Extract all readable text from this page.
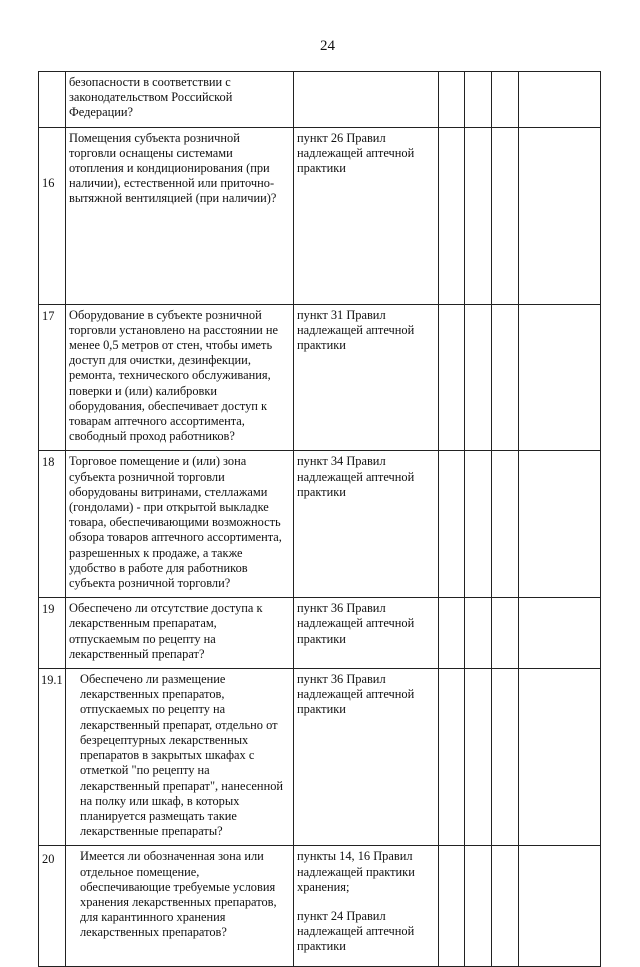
24

	безопасности в соответствии с законодательством Российской Федерации?					

16	Помещения субъекта розничной торговли оснащены системами отопления и кондиционирования (при наличии), естественной или приточно-вытяжной вентиляцией (при наличии)?	пункт 26 Правил надлежащей аптечной практики				

17	Оборудование в субъекте розничной торговли установлено на расстоянии не менее 0,5 метров от стен, чтобы иметь доступ для очистки, дезинфекции, ремонта, технического обслуживания, поверки и (или) калибровки оборудования, обеспечивает доступ к товарам аптечного ассортимента, свободный проход работников?	пункт 31 Правил надлежащей аптечной практики				

18	Торговое помещение и (или) зона субъекта розничной торговли оборудованы витринами, стеллажами (гондолами) - при открытой выкладке товара, обеспечивающими возможность обзора товаров аптечного ассортимента, разрешенных к продаже, а также удобство в работе для работников субъекта розничной торговли?	пункт 34 Правил надлежащей аптечной практики				

19	Обеспечено ли отсутствие доступа к лекарственным препаратам, отпускаемым по рецепту на лекарственный препарат?	пункт 36 Правил надлежащей аптечной практики				

19.1	Обеспечено ли размещение лекарственных препаратов, отпускаемых по рецепту на лекарственный препарат, отдельно от безрецептурных лекарственных препаратов в закрытых шкафах с отметкой "по рецепту на лекарственный препарат", нанесенной на полку или шкаф, в которых планируется размещать такие лекарственные препараты?	пункт 36 Правил надлежащей аптечной практики				

20	Имеется ли обозначенная зона или отдельное помещение, обеспечивающие требуемые условия хранения лекарственных препаратов, для карантинного хранения лекарственных препаратов?	пункты 14, 16 Правил надлежащей практики хранения;
пункт 24 Правил надлежащей аптечной практики				
